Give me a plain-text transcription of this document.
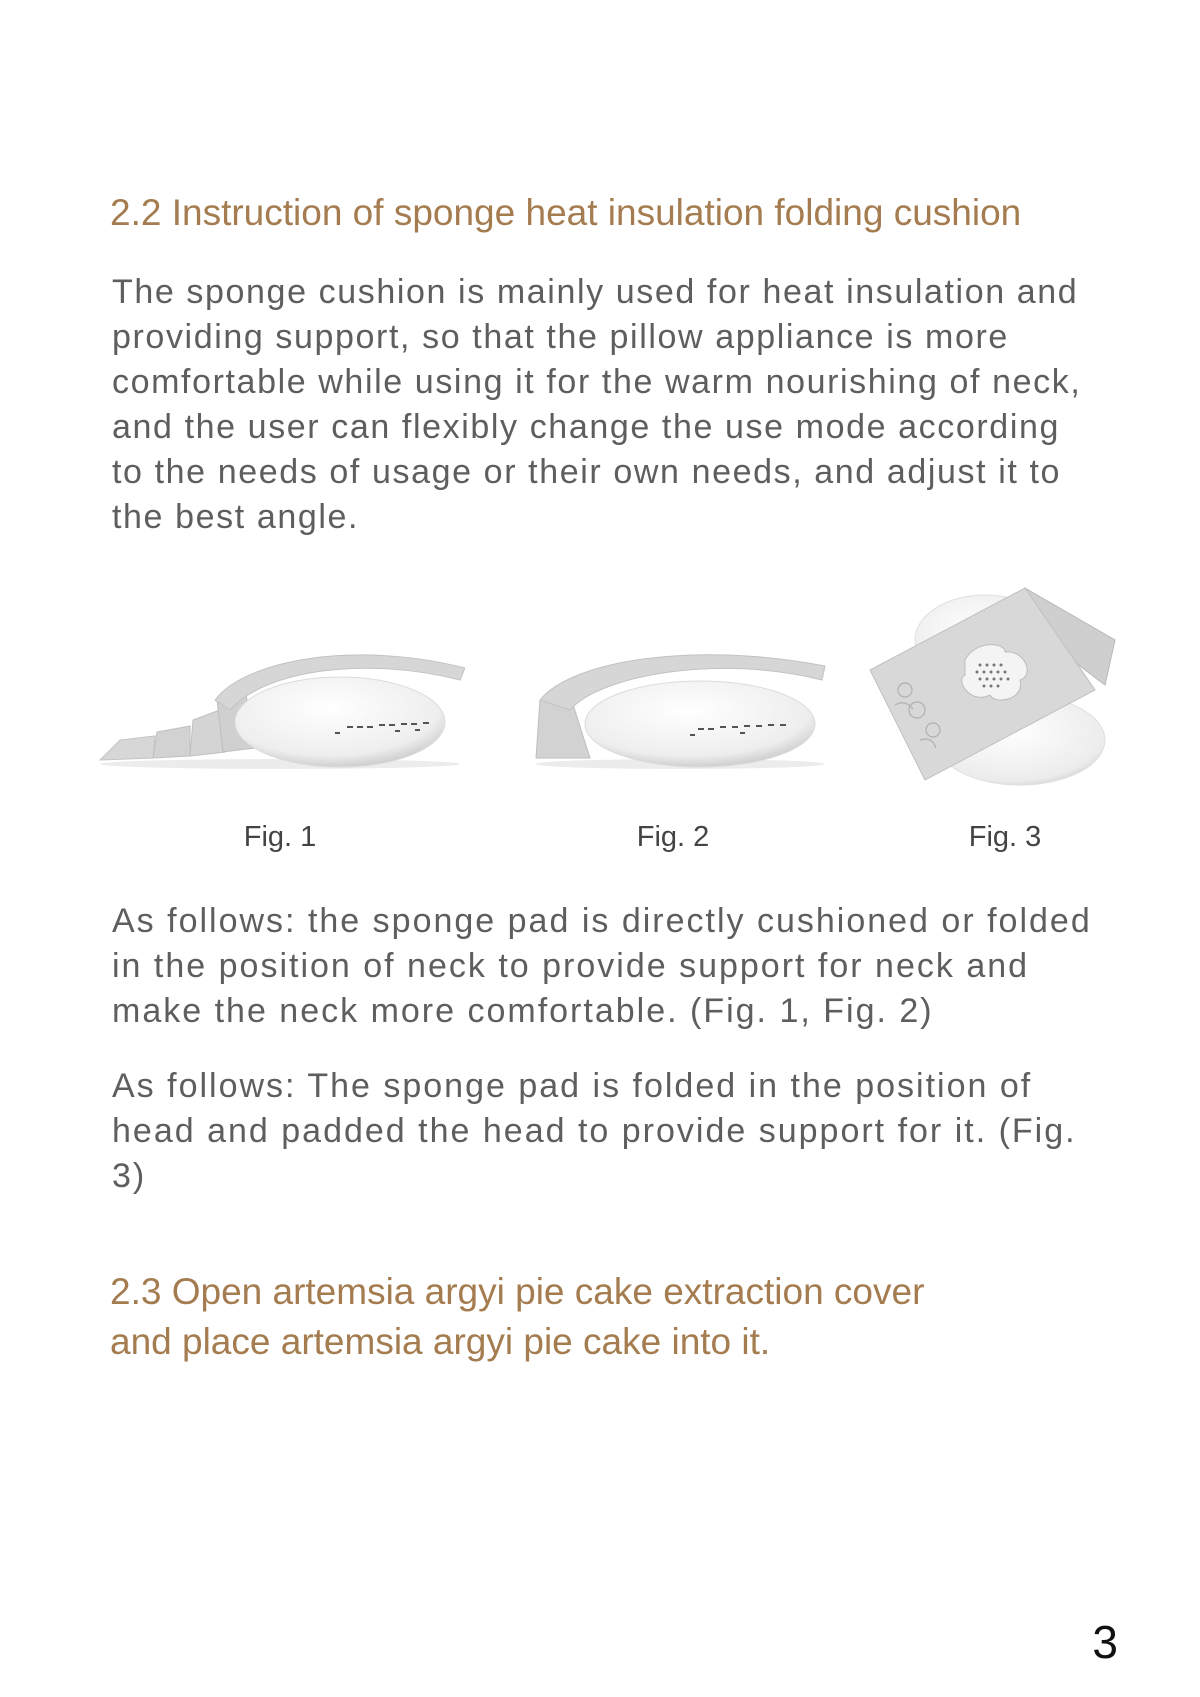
2.2 Instruction of sponge heat insulation folding cushion

The sponge cushion is mainly used for heat insulation and providing support, so that the pillow appliance is more comfortable while using it for the warm nourishing of neck, and the user can flexibly change the use mode according to the needs of usage or their own needs, and adjust it to the best angle.

Fig. 1	Fig. 2	Fig. 3

As follows: the sponge pad is directly cushioned or folded in the position of neck to provide support for neck and make the neck more comfortable. (Fig. 1, Fig. 2)

As follows: The sponge pad is folded in the position of head and padded the head to provide support for it. (Fig. 3)

2.3 Open artemsia argyi pie cake extraction cover and place artemsia argyi pie cake into it.
3
